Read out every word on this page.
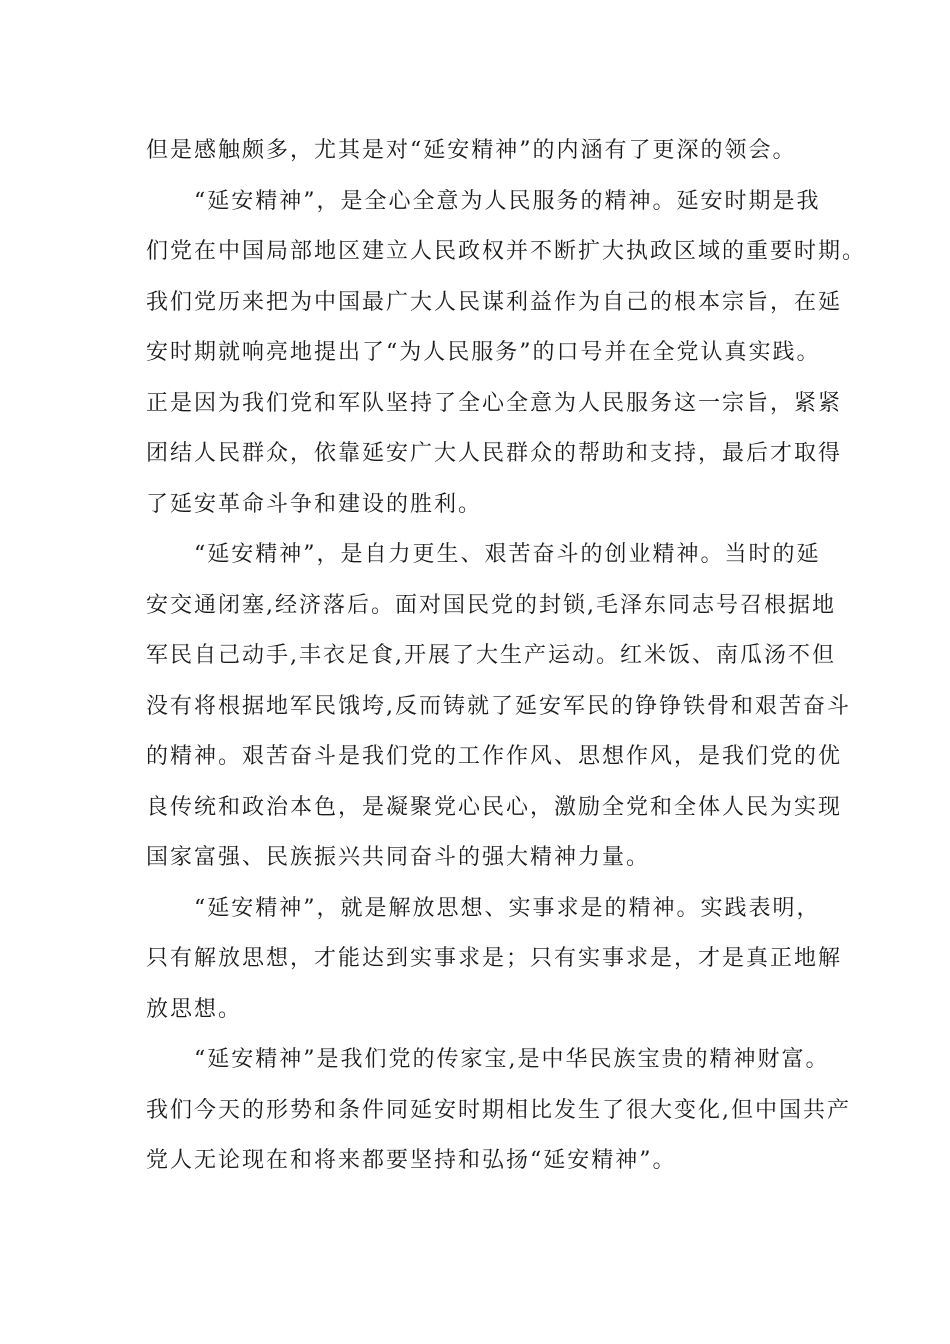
但是感触颇多，尤其是对“延安精神”的内涵有了更深的领会。
“延安精神”，是全心全意为人民服务的精神。延安时期是我
们党在中国局部地区建立人民政权并不断扩大执政区域的重要时期。
我们党历来把为中国最广大人民谋利益作为自己的根本宗旨，在延
安时期就响亮地提出了“为人民服务”的口号并在全党认真实践。
正是因为我们党和军队坚持了全心全意为人民服务这一宗旨，紧紧
团结人民群众，依靠延安广大人民群众的帮助和支持，最后才取得
了延安革命斗争和建设的胜利。
“延安精神”，是自力更生、艰苦奋斗的创业精神。当时的延
安交通闭塞,经济落后。面对国民党的封锁,毛泽东同志号召根据地
军民自己动手,丰衣足食,开展了大生产运动。红米饭、南瓜汤不但
没有将根据地军民饿垮,反而铸就了延安军民的铮铮铁骨和艰苦奋斗
的精神。艰苦奋斗是我们党的工作作风、思想作风，是我们党的优
良传统和政治本色，是凝聚党心民心，激励全党和全体人民为实现
国家富强、民族振兴共同奋斗的强大精神力量。
“延安精神”，就是解放思想、实事求是的精神。实践表明，
只有解放思想，才能达到实事求是；只有实事求是，才是真正地解
放思想。
“延安精神”是我们党的传家宝,是中华民族宝贵的精神财富。
我们今天的形势和条件同延安时期相比发生了很大变化,但中国共产
党人无论现在和将来都要坚持和弘扬“延安精神”。
